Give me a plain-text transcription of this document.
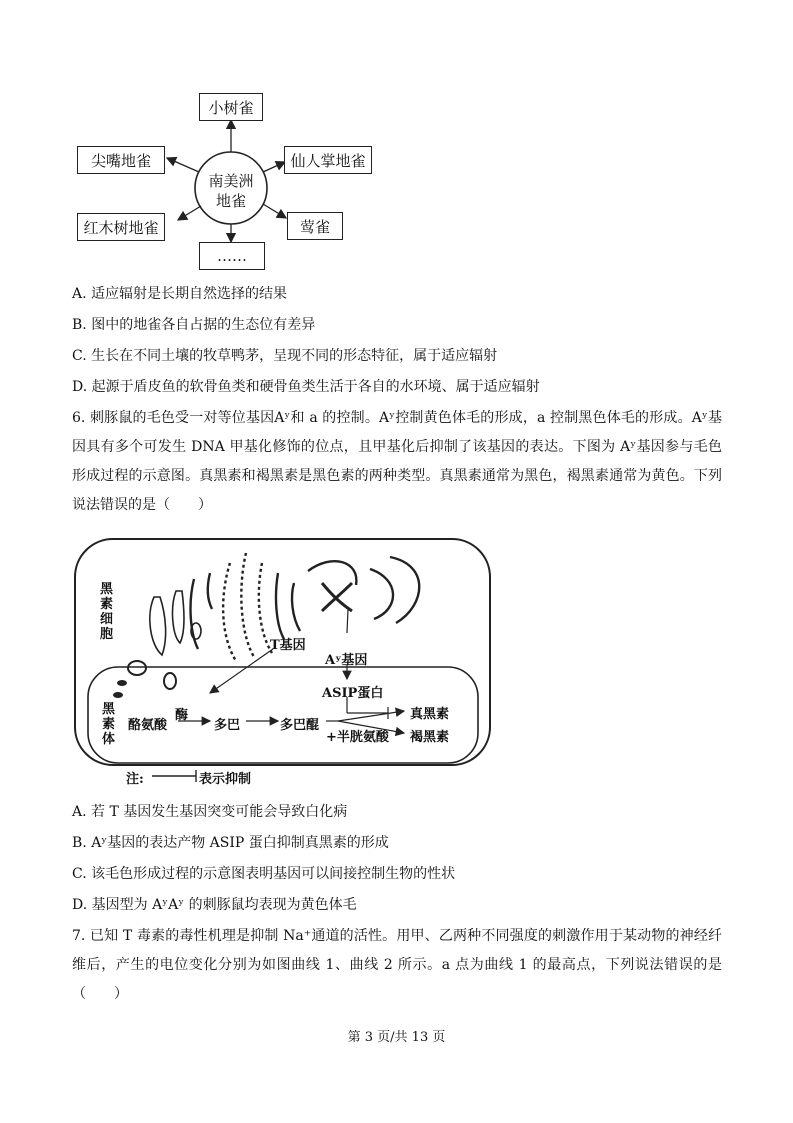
南美洲
地雀
小树雀
尖嘴地雀	仙人掌地雀
红木树地雀	莺雀
……
A. 适应辐射是长期自然选择的结果
B. 图中的地雀各自占据的生态位有差异
C. 生长在不同土壤的牧草鸭茅，呈现不同的形态特征，属于适应辐射
D. 起源于盾皮鱼的软骨鱼类和硬骨鱼类生活于各自的水环境、属于适应辐射
6. 刺豚鼠的毛色受一对等位基因Aʸ和 a 的控制。Aʸ控制黄色体毛的形成，a 控制黑色体毛的形成。Aʸ基因具有多个可发生 DNA 甲基化修饰的位点，且甲基化后抑制了该基因的表达。下图为 Aʸ基因参与毛色形成过程的示意图。真黑素和褐黑素是黑色素的两种类型。真黑素通常为黑色，褐黑素通常为黄色。下列说法错误的是（　　）
黑
素
细
胞
黑
素
体
T基因
Aʸ基因
ASIP蛋白
酶
酪氨酸	多巴	多巴醌
+半胱氨酸
真黑素
褐黑素
注:	表示抑制
A. 若 T 基因发生基因突变可能会导致白化病
B. Aʸ基因的表达产物 ASIP 蛋白抑制真黑素的形成
C. 该毛色形成过程的示意图表明基因可以间接控制生物的性状
D. 基因型为 AʸAʸ 的刺豚鼠均表现为黄色体毛
7. 已知 T 毒素的毒性机理是抑制 Na⁺通道的活性。用甲、乙两种不同强度的刺激作用于某动物的神经纤维后，产生的电位变化分别为如图曲线 1、曲线 2 所示。a 点为曲线 1 的最高点，下列说法错误的是（　　）
第 3 页/共 13 页
